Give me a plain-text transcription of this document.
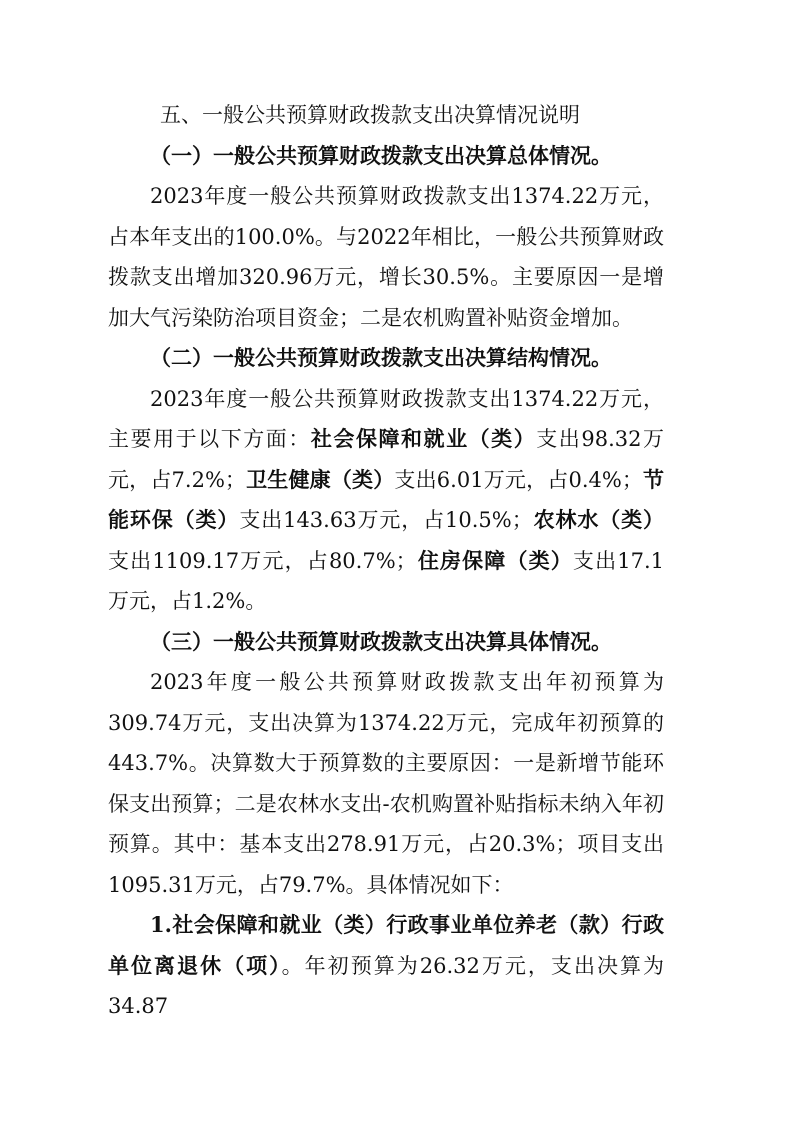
五、一般公共预算财政拨款支出决算情况说明

（一）一般公共预算财政拨款支出决算总体情况。

2023年度一般公共预算财政拨款支出1374.22万元，占本年支出的100.0%。与2022年相比，一般公共预算财政拨款支出增加320.96万元，增长30.5%。主要原因一是增加大气污染防治项目资金；二是农机购置补贴资金增加。

（二）一般公共预算财政拨款支出决算结构情况。

2023年度一般公共预算财政拨款支出1374.22万元，主要用于以下方面：社会保障和就业（类）支出98.32万元，占7.2%；卫生健康（类）支出6.01万元，占0.4%；节能环保（类）支出143.63万元，占10.5%；农林水（类）支出1109.17万元，占80.7%；住房保障（类）支出17.1万元，占1.2%。

（三）一般公共预算财政拨款支出决算具体情况。

2023年度一般公共预算财政拨款支出年初预算为309.74万元，支出决算为1374.22万元，完成年初预算的443.7%。决算数大于预算数的主要原因：一是新增节能环保支出预算；二是农林水支出-农机购置补贴指标未纳入年初预算。其中：基本支出278.91万元，占20.3%；项目支出1095.31万元，占79.7%。具体情况如下：

1.社会保障和就业（类）行政事业单位养老（款）行政单位离退休（项）。年初预算为26.32万元，支出决算为34.87
